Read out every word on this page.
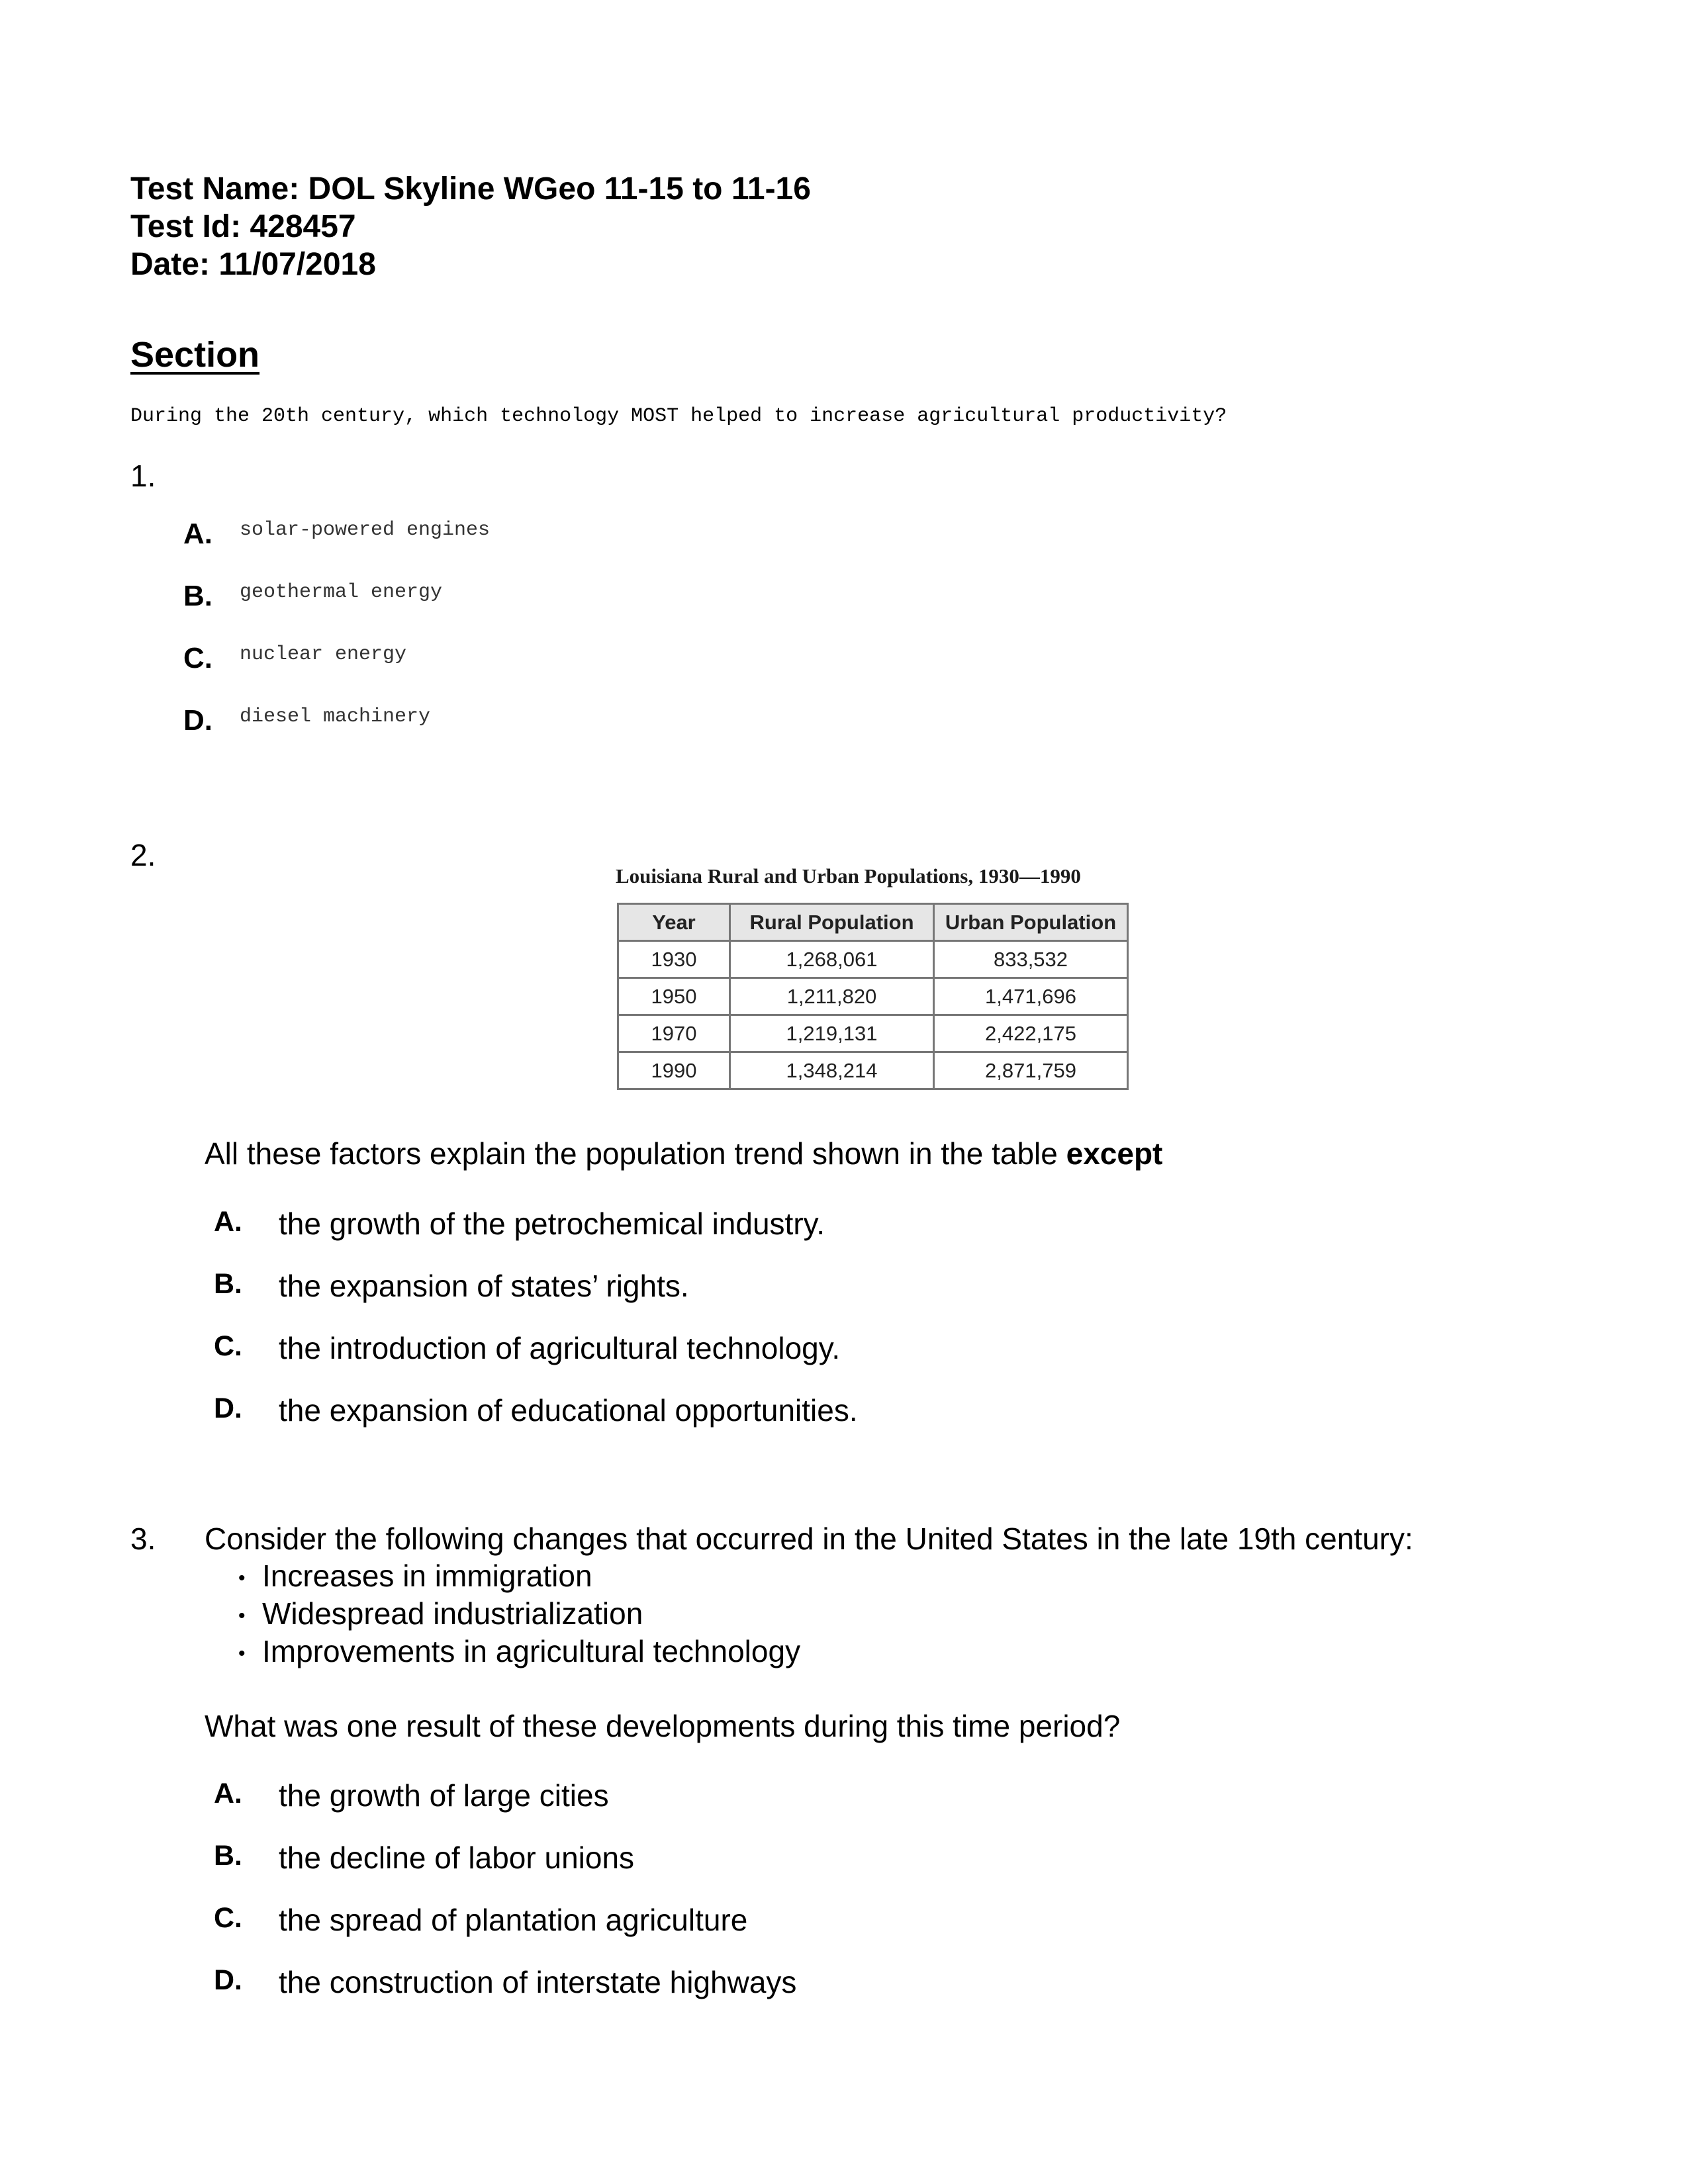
Test Name: DOL Skyline WGeo 11-15 to 11-16
Test Id: 428457
Date: 11/07/2018
Section
During the 20th century, which technology MOST helped to increase agricultural productivity?
1.
A. solar-powered engines
B. geothermal energy
C. nuclear energy
D. diesel machinery
2.
Louisiana Rural and Urban Populations, 1930—1990
Year	Rural Population	Urban Population
1930	1,268,061	833,532
1950	1,211,820	1,471,696
1970	1,219,131	2,422,175
1990	1,348,214	2,871,759
All these factors explain the population trend shown in the table except
A. the growth of the petrochemical industry.
B. the expansion of states’ rights.
C. the introduction of agricultural technology.
D. the expansion of educational opportunities.
3. Consider the following changes that occurred in the United States in the late 19th century:
• Increases in immigration
• Widespread industrialization
• Improvements in agricultural technology
What was one result of these developments during this time period?
A. the growth of large cities
B. the decline of labor unions
C. the spread of plantation agriculture
D. the construction of interstate highways
